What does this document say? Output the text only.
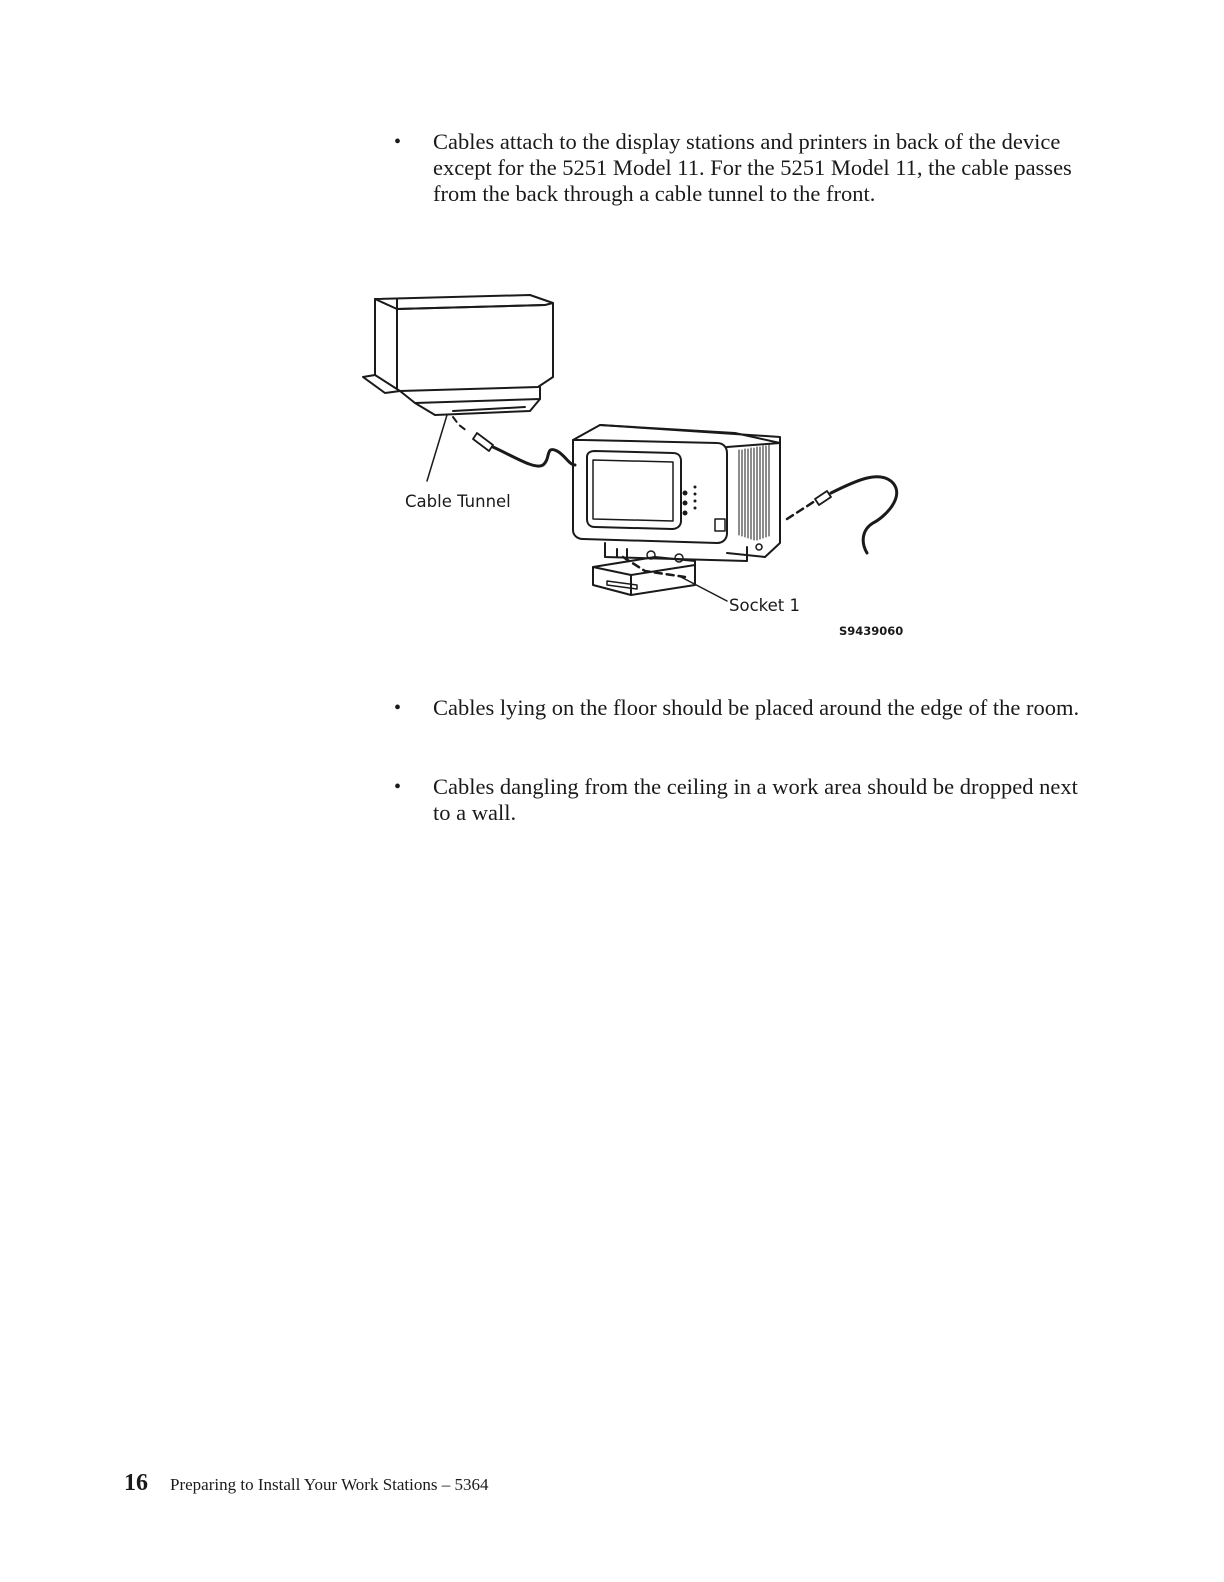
•	Cables attach to the display stations and printers in back of the device except for the 5251 Model 11. For the 5251 Model 11, the cable passes from the back through a cable tunnel to the front.
Cable Tunnel
Socket 1
S9439060
•	Cables lying on the floor should be placed around the edge of the room.
•	Cables dangling from the ceiling in a work area should be dropped next to a wall.
16 Preparing to Install Your Work Stations – 5364
